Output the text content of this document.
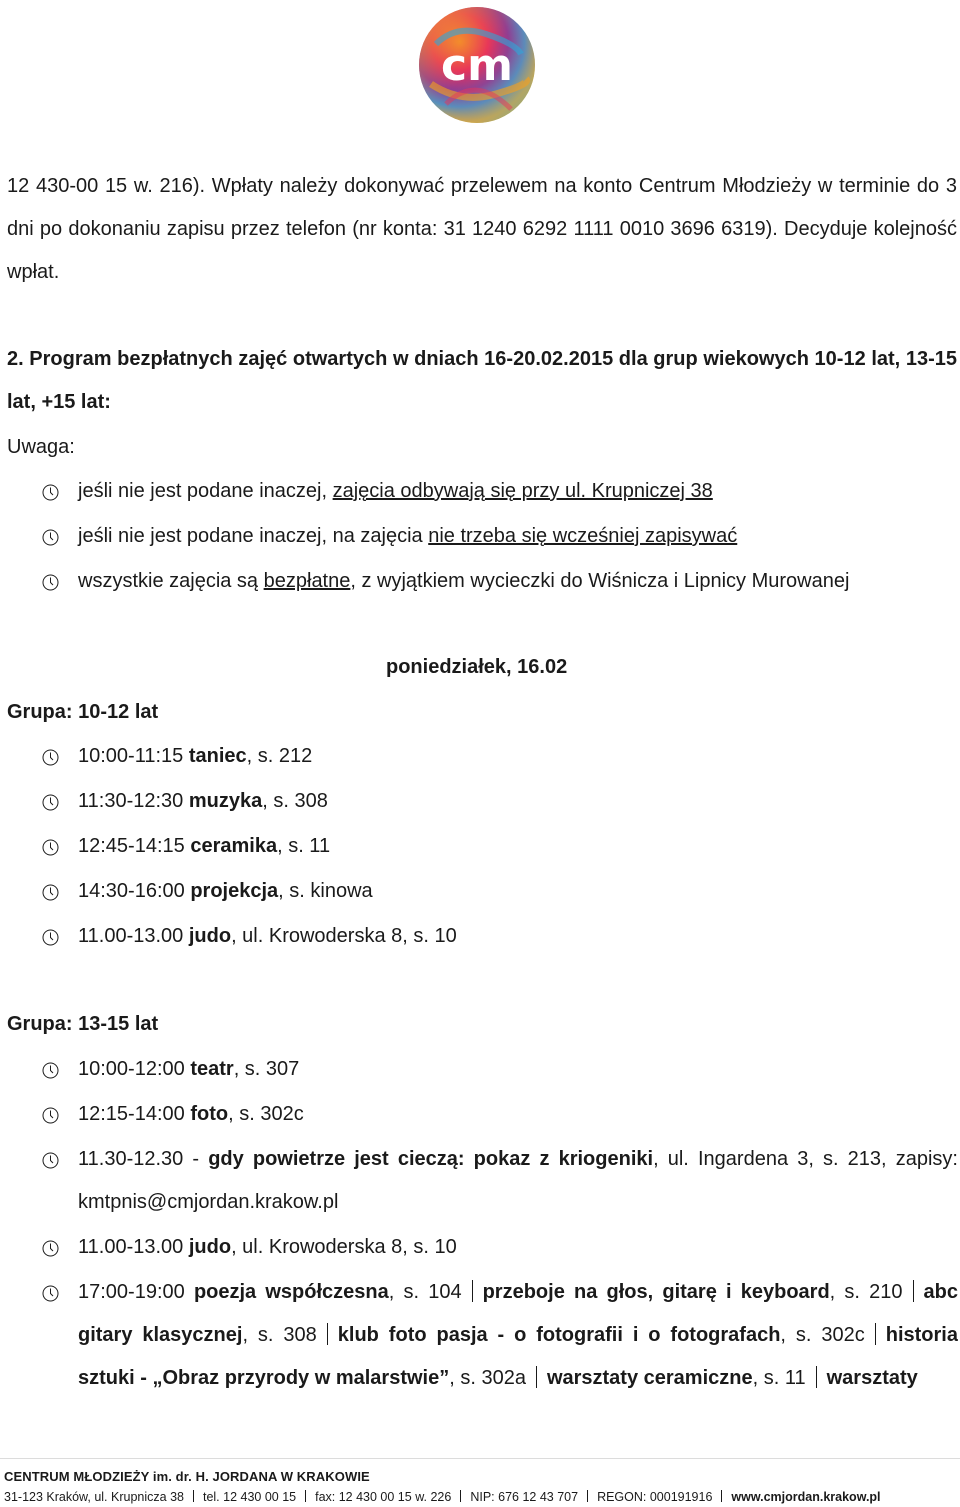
cm
12 430-00 15 w. 216). Wpłaty należy dokonywać przelewem na konto Centrum Młodzieży w terminie do 3 dni po dokonaniu zapisu przez telefon (nr konta: 31 1240 6292 1111 0010 3696 6319). Decyduje kolejność wpłat.
2. Program bezpłatnych zajęć otwartych w dniach 16-20.02.2015 dla grup wiekowych 10-12 lat, 13-15 lat, +15 lat:
Uwaga:
jeśli nie jest podane inaczej, zajęcia odbywają się przy ul. Krupniczej 38
jeśli nie jest podane inaczej, na zajęcia nie trzeba się wcześniej zapisywać
wszystkie zajęcia są bezpłatne, z wyjątkiem wycieczki do Wiśnicza i Lipnicy Murowanej
poniedziałek, 16.02
Grupa: 10-12 lat
10:00-11:15 taniec, s. 212
11:30-12:30 muzyka, s. 308
12:45-14:15 ceramika, s. 11
14:30-16:00 projekcja, s. kinowa
11.00-13.00 judo, ul. Krowoderska 8, s. 10
Grupa: 13-15 lat
10:00-12:00 teatr, s. 307
12:15-14:00 foto, s. 302c
11.30-12.30 - gdy powietrze jest cieczą: pokaz z kriogeniki, ul. Ingardena 3, s. 213, zapisy: kmtpnis@cmjordan.krakow.pl
11.00-13.00 judo, ul. Krowoderska 8, s. 10
17:00-19:00 poezja współczesna, s. 104 przeboje na głos, gitarę i keyboard, s. 210 abc gitary klasycznej, s. 308 klub foto pasja - o fotografii i o fotografach, s. 302c historia sztuki - „Obraz przyrody w malarstwie”, s. 302a warsztaty ceramiczne, s. 11 warsztaty
CENTRUM MŁODZIEŻY im. dr. H. JORDANA W KRAKOWIE
31-123 Kraków, ul. Krupnicza 38 tel. 12 430 00 15 fax: 12 430 00 15 w. 226 NIP: 676 12 43 707 REGON: 000191916 www.cmjordan.krakow.pl
